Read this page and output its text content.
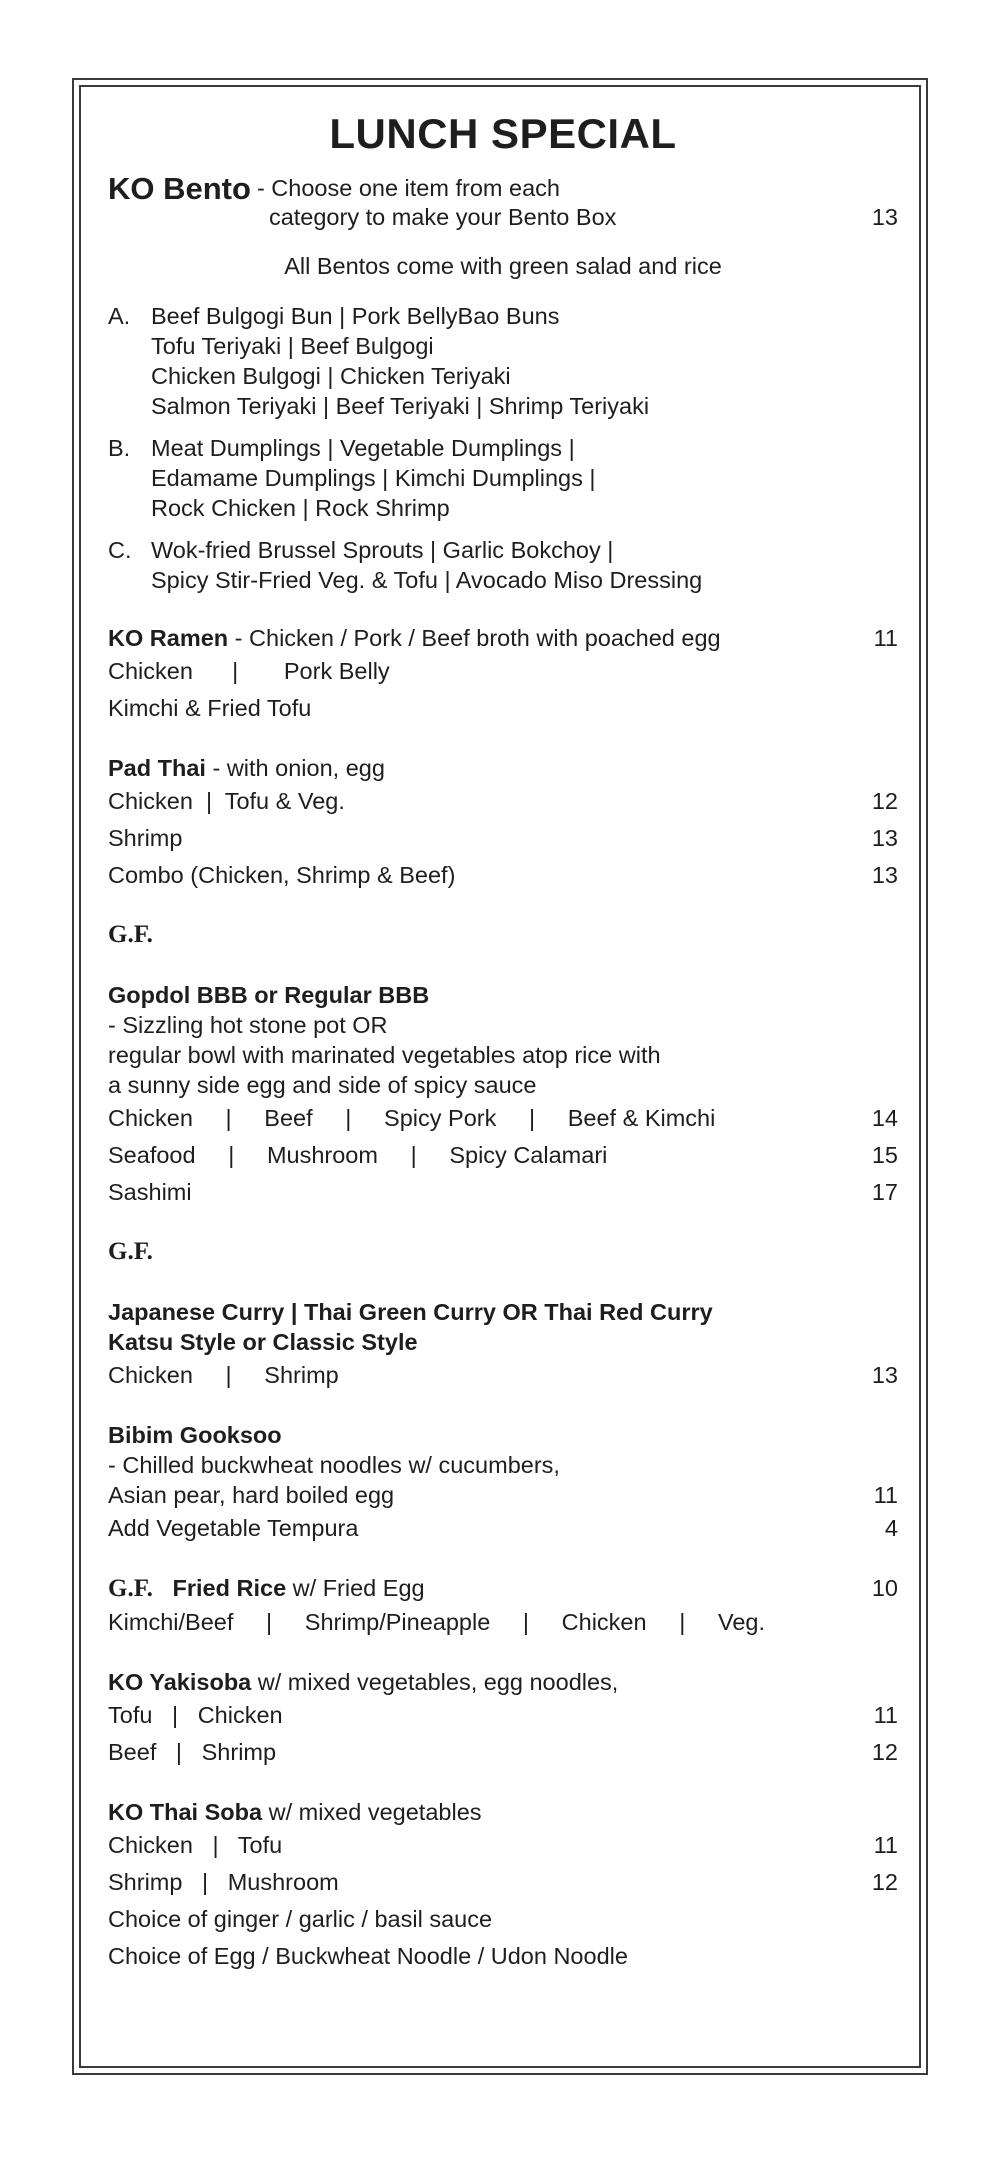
LUNCH SPECIAL
KO Bento - Choose one item from each
category to make your Bento Box	13
All Bentos come with green salad and rice
A. Beef Bulgogi Bun | Pork BellyBao Buns
Tofu Teriyaki | Beef Bulgogi
Chicken Bulgogi | Chicken Teriyaki
Salmon Teriyaki | Beef Teriyaki | Shrimp Teriyaki
B. Meat Dumplings | Vegetable Dumplings |
Edamame Dumplings | Kimchi Dumplings |
Rock Chicken | Rock Shrimp
C. Wok-fried Brussel Sprouts | Garlic Bokchoy |
Spicy Stir-Fried Veg. & Tofu | Avocado Miso Dressing
KO Ramen - Chicken / Pork / Beef broth with poached egg	11
Chicken      |       Pork Belly
Kimchi & Fried Tofu
Pad Thai - with onion, egg
Chicken  |  Tofu & Veg.	12
Shrimp	13
Combo (Chicken, Shrimp & Beef)	13
G.F.

Gopdol BBB or Regular BBB
- Sizzling hot stone pot OR
regular bowl with marinated vegetables atop rice with
a sunny side egg and side of spicy sauce
Chicken     |     Beef     |     Spicy Pork     |     Beef & Kimchi	14
Seafood     |     Mushroom     |     Spicy Calamari	15
Sashimi	17
G.F.

Japanese Curry | Thai Green Curry OR Thai Red Curry
Katsu Style or Classic Style
Chicken     |     Shrimp	13
Bibim Gooksoo
- Chilled buckwheat noodles w/ cucumbers,
Asian pear, hard boiled egg	11
Add Vegetable Tempura	4
G.F. Fried Rice w/ Fried Egg	10
Kimchi/Beef     |     Shrimp/Pineapple     |     Chicken     |     Veg.
KO Yakisoba w/ mixed vegetables, egg noodles,
Tofu   |   Chicken	11
Beef   |   Shrimp	12
KO Thai Soba w/ mixed vegetables
Chicken   |   Tofu	11
Shrimp   |   Mushroom	12
Choice of ginger / garlic / basil sauce
Choice of Egg / Buckwheat Noodle / Udon Noodle
